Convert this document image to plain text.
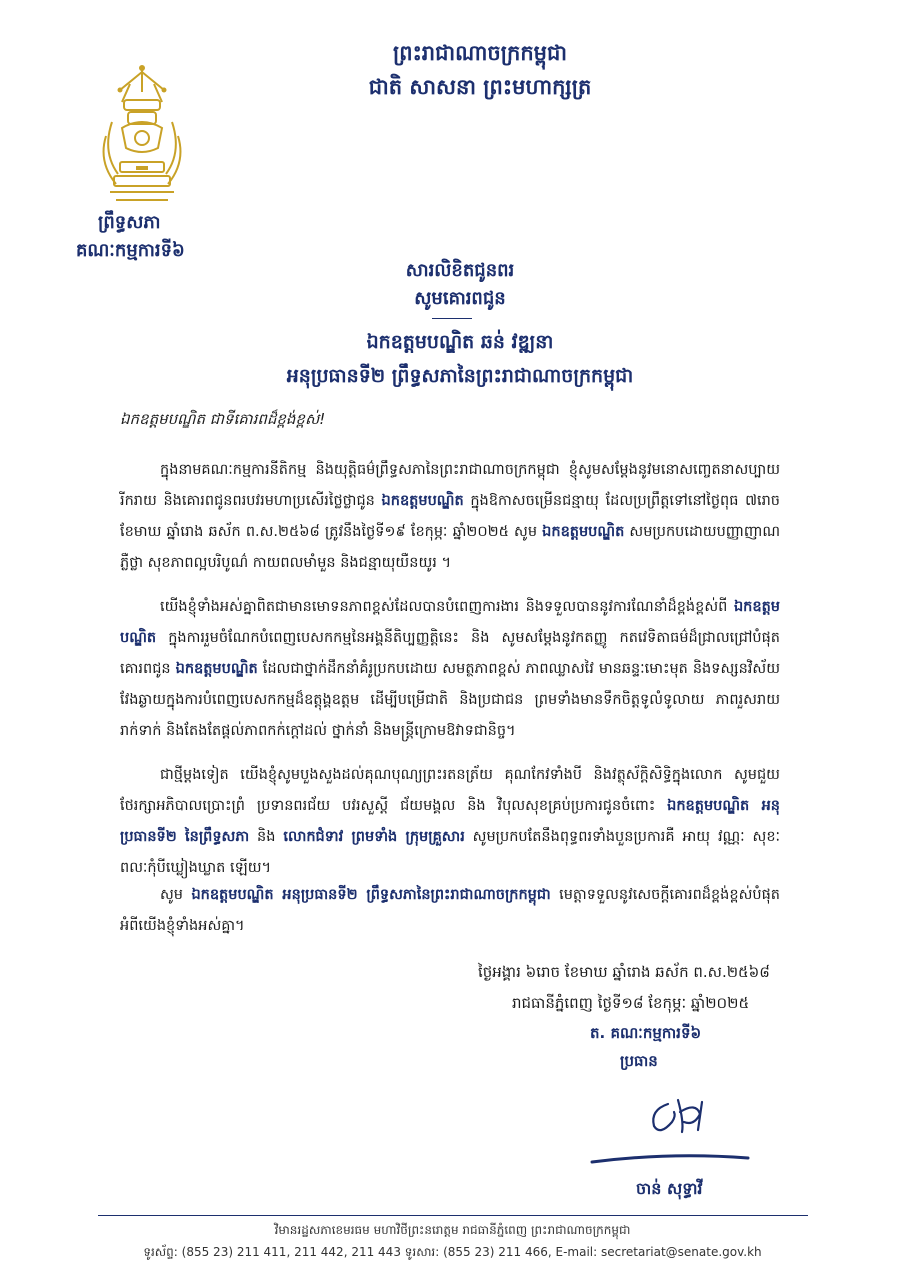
ព្រះរាជាណាចក្រកម្ពុជា
ជាតិ សាសនា ព្រះមហាក្សត្រ
ព្រឹទ្ធសភា
គណៈកម្មការទី៦
សារលិខិតជូនពរ
សូមគោរពជូន
ឯកឧត្តមបណ្ឌិត ឆន់ វឌ្ឍនា
អនុប្រធានទី២ ព្រឹទ្ធសភានៃព្រះរាជាណាចក្រកម្ពុជា
ឯកឧត្តមបណ្ឌិត ជាទីគោរពដ៏ខ្ពង់ខ្ពស់!
ក្នុងនាមគណៈកម្មការនីតិកម្ម និងយុត្តិធម៌ព្រឹទ្ធសភានៃព្រះរាជាណាចក្រកម្ពុជា ខ្ញុំសូមសម្តែងនូវមនោសញ្ចេតនាសប្បាយរីករាយ និងគោរពជូនពរបវរមហាប្រសើរថ្លៃថ្លាជូន ឯកឧត្តមបណ្ឌិត ក្នុងឱកាសចម្រើនជន្មាយុ ដែលប្រព្រឹត្តទៅនៅថ្ងៃពុធ ៧រោច ខែមាឃ ឆ្នាំរោង ឆស័ក ព.ស.២៥៦៨ ត្រូវនឹងថ្ងៃទី១៩ ខែកុម្ភៈ ឆ្នាំ២០២៥ សូម ឯកឧត្តមបណ្ឌិត សមប្រកបដោយបញ្ញាញាណភ្លឺថ្លា សុខភាពល្អបរិបូណ៌ កាយពលមាំមួន និងជន្មាយុយឺនយូរ ។
យើងខ្ញុំទាំងអស់គ្នាពិតជាមានមោទនភាពខ្ពស់ដែលបានបំពេញការងារ និងទទួលបាននូវការណែនាំដ៏ខ្ពង់ខ្ពស់ពី ឯកឧត្តមបណ្ឌិត ក្នុងការរួមចំណែកបំពេញបេសកកម្មនៃអង្គនីតិប្បញ្ញត្តិនេះ និង សូមសម្តែងនូវកតញ្ញូ កតវេទិតាធម៌ដ៏ជ្រាលជ្រៅបំផុតគោរពជូន ឯកឧត្តមបណ្ឌិត ដែលជាថ្នាក់ដឹកនាំគំរូប្រកបដោយ សមត្ថភាពខ្ពស់ ភាពឈ្លាសវៃ មានឆន្ទៈមោះមុត និងទស្សនវិស័យវែងឆ្ងាយក្នុងការបំពេញបេសកកម្មដ៏ឧត្តុង្គឧត្តម ដើម្បីបម្រើជាតិ និងប្រជាជន ព្រមទាំងមានទឹកចិត្តទូលំទូលាយ ភាពរួសរាយរាក់ទាក់ និងតែងតែផ្តល់ភាពកក់ក្តៅដល់ ថ្នាក់នាំ និងមន្ត្រីក្រោមឱវាទជានិច្ច។
ជាថ្មីម្តងទៀត យើងខ្ញុំសូមបួងសួងដល់គុណបុណ្យព្រះរតនត្រ័យ គុណកែវទាំងបី និងវត្ថុស័ក្តិសិទ្ធិក្នុងលោក សូមជួយថែរក្សាអភិបាលប្រោះព្រំ ប្រទានពរជ័យ បវរសួស្តី ជ័យមង្គល និង វិបុលសុខគ្រប់ប្រការជូនចំពោះ ឯកឧត្តមបណ្ឌិត អនុប្រធានទី២ នៃព្រឹទ្ធសភា និង លោកជំទាវ ព្រមទាំង ក្រុមគ្រួសារ សូមប្រកបតែនឹងពុទ្ធពរទាំងបួនប្រការគឺ អាយុ វណ្ណៈ សុខៈ ពលៈកុំបីឃ្លៀងឃ្លាត ឡើយ។
សូម ឯកឧត្តមបណ្ឌិត អនុប្រធានទី២ ព្រឹទ្ធសភានៃព្រះរាជាណាចក្រកម្ពុជា មេត្តាទទួលនូវសេចក្តីគោរពដ៏ខ្ពង់ខ្ពស់បំផុតអំពីយើងខ្ញុំទាំងអស់គ្នា។
ថ្ងៃអង្គារ ៦រោច ខែមាឃ ឆ្នាំរោង ឆស័ក ព.ស.២៥៦៨
រាជធានីភ្នំពេញ ថ្ងៃទី១៨ ខែកុម្ភៈ ឆ្នាំ២០២៥
ត. គណៈកម្មការទី៦
ប្រធាន
ចាន់ សុទ្ធាវី
វិមានរដ្ឋសភាខេមរធម មហាវិថីព្រះនរោត្តម រាជធានីភ្នំពេញ ព្រះរាជាណាចក្រកម្ពុជា
ទូរស័ព្ទ: (855 23) 211 411, 211 442, 211 443 ទូរសារ: (855 23) 211 466, E-mail: secretariat@senate.gov.kh
